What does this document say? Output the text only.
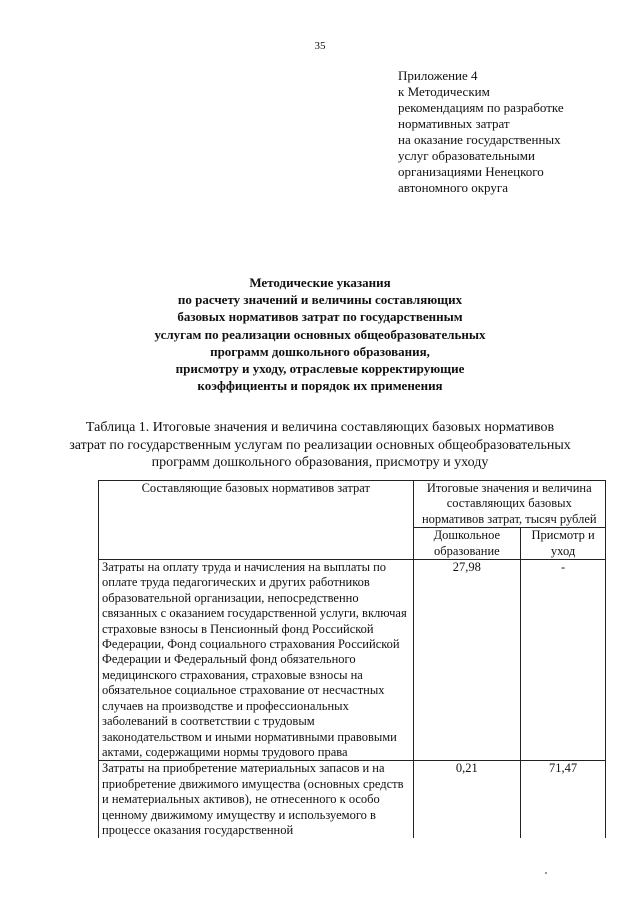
35
Приложение 4
к Методическим
рекомендациям по разработке
нормативных затрат
на оказание государственных
услуг образовательными
организациями Ненецкого
автономного округа
Методические указания
по расчету значений и величины составляющих
базовых нормативов затрат по государственным
услугам по реализации основных общеобразовательных
программ дошкольного образования,
присмотру и уходу, отраслевые корректирующие
коэффициенты и порядок их применения
Таблица 1. Итоговые значения и величина составляющих базовых нормативов
затрат по государственным услугам по реализации основных общеобразовательных
программ дошкольного образования, присмотру и уходу
Составляющие базовых нормативов затрат	Итоговые значения и величина составляющих базовых нормативов затрат, тысяч рублей	
	Дошкольное образование	Присмотр и уход
Затраты на оплату труда и начисления на выплаты по оплате труда педагогических и других работников образовательной организации, непосредственно связанных с оказанием государственной услуги, включая страховые взносы в Пенсионный фонд Российской Федерации, Фонд социального страхования Российской Федерации и Федеральный фонд обязательного медицинского страхования, страховые взносы на обязательное социальное страхование от несчастных случаев на производстве и профессиональных заболеваний в соответствии с трудовым законодательством и иными нормативными правовыми актами, содержащими нормы трудового права	27,98	-
Затраты на приобретение материальных запасов и на приобретение движимого имущества (основных средств и нематериальных активов), не отнесенного к особо ценному движимому имуществу и используемого в процессе оказания государственной	0,21	71,47
